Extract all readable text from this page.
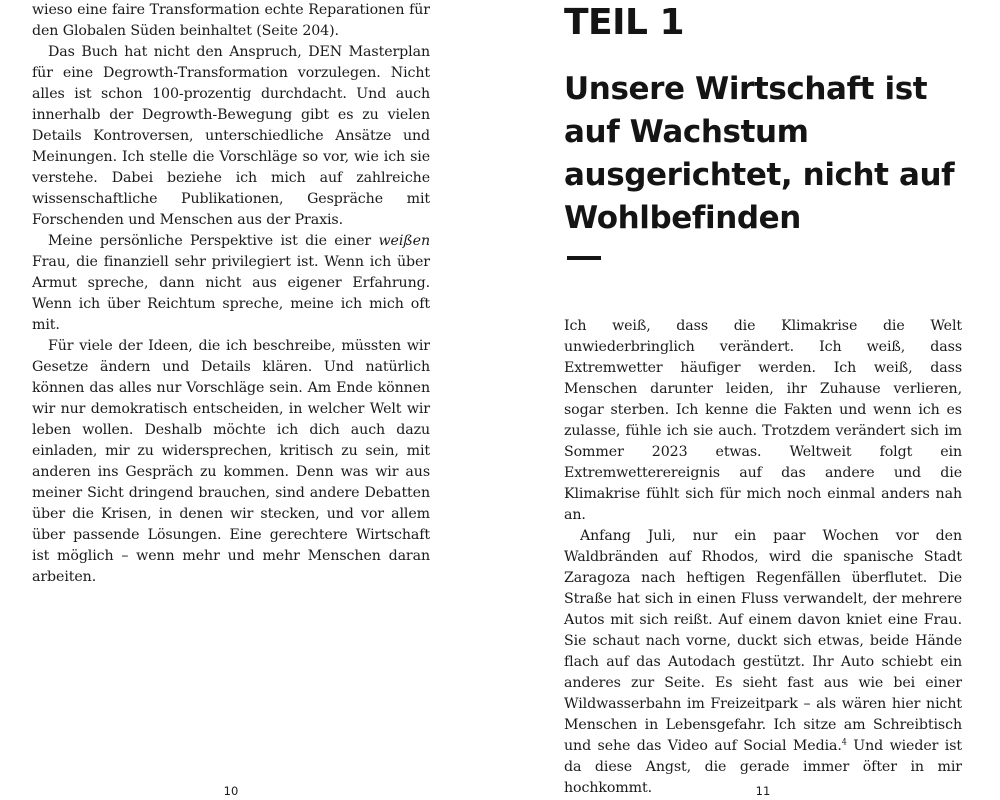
wieso eine faire Transformation echte Reparationen für den Globalen Süden beinhaltet (Seite 204).

Das Buch hat nicht den Anspruch, DEN Masterplan für eine Degrowth-Transformation vorzulegen. Nicht alles ist schon 100-prozentig durchdacht. Und auch innerhalb der Degrowth-Bewegung gibt es zu vielen Details Kontroversen, unterschiedliche Ansätze und Meinungen. Ich stelle die Vorschläge so vor, wie ich sie verstehe. Dabei beziehe ich mich auf zahlreiche wissenschaftliche Publikationen, Gespräche mit Forschenden und Menschen aus der Praxis.

Meine persönliche Perspektive ist die einer weißen Frau, die finanziell sehr privilegiert ist. Wenn ich über Armut spreche, dann nicht aus eigener Erfahrung. Wenn ich über Reichtum spreche, meine ich mich oft mit.

Für viele der Ideen, die ich beschreibe, müssten wir Gesetze ändern und Details klären. Und natürlich können das alles nur Vorschläge sein. Am Ende können wir nur demokratisch entscheiden, in welcher Welt wir leben wollen. Deshalb möchte ich dich auch dazu einladen, mir zu widersprechen, kritisch zu sein, mit anderen ins Gespräch zu kommen. Denn was wir aus meiner Sicht dringend brauchen, sind andere Debatten über die Krisen, in denen wir stecken, und vor allem über passende Lösungen. Eine gerechtere Wirtschaft ist möglich – wenn mehr und mehr Menschen daran arbeiten.

10
TEIL 1
Unsere Wirtschaft ist auf Wachstum ausgerichtet, nicht auf Wohlbefinden

Ich weiß, dass die Klimakrise die Welt unwiederbringlich verändert. Ich weiß, dass Extremwetter häufiger werden. Ich weiß, dass Menschen darunter leiden, ihr Zuhause verlieren, sogar sterben. Ich kenne die Fakten und wenn ich es zulasse, fühle ich sie auch. Trotzdem verändert sich im Sommer 2023 etwas. Weltweit folgt ein Extremwetterereignis auf das andere und die Klimakrise fühlt sich für mich noch einmal anders nah an.

Anfang Juli, nur ein paar Wochen vor den Waldbränden auf Rhodos, wird die spanische Stadt Zaragoza nach heftigen Regenfällen überflutet. Die Straße hat sich in einen Fluss verwandelt, der mehrere Autos mit sich reißt. Auf einem davon kniet eine Frau. Sie schaut nach vorne, duckt sich etwas, beide Hände flach auf das Autodach gestützt. Ihr Auto schiebt ein anderes zur Seite. Es sieht fast aus wie bei einer Wildwasserbahn im Freizeitpark – als wären hier nicht Menschen in Lebensgefahr. Ich sitze am Schreibtisch und sehe das Video auf Social Media.$^4$ Und wieder ist da diese Angst, die gerade immer öfter in mir hochkommt.	11
